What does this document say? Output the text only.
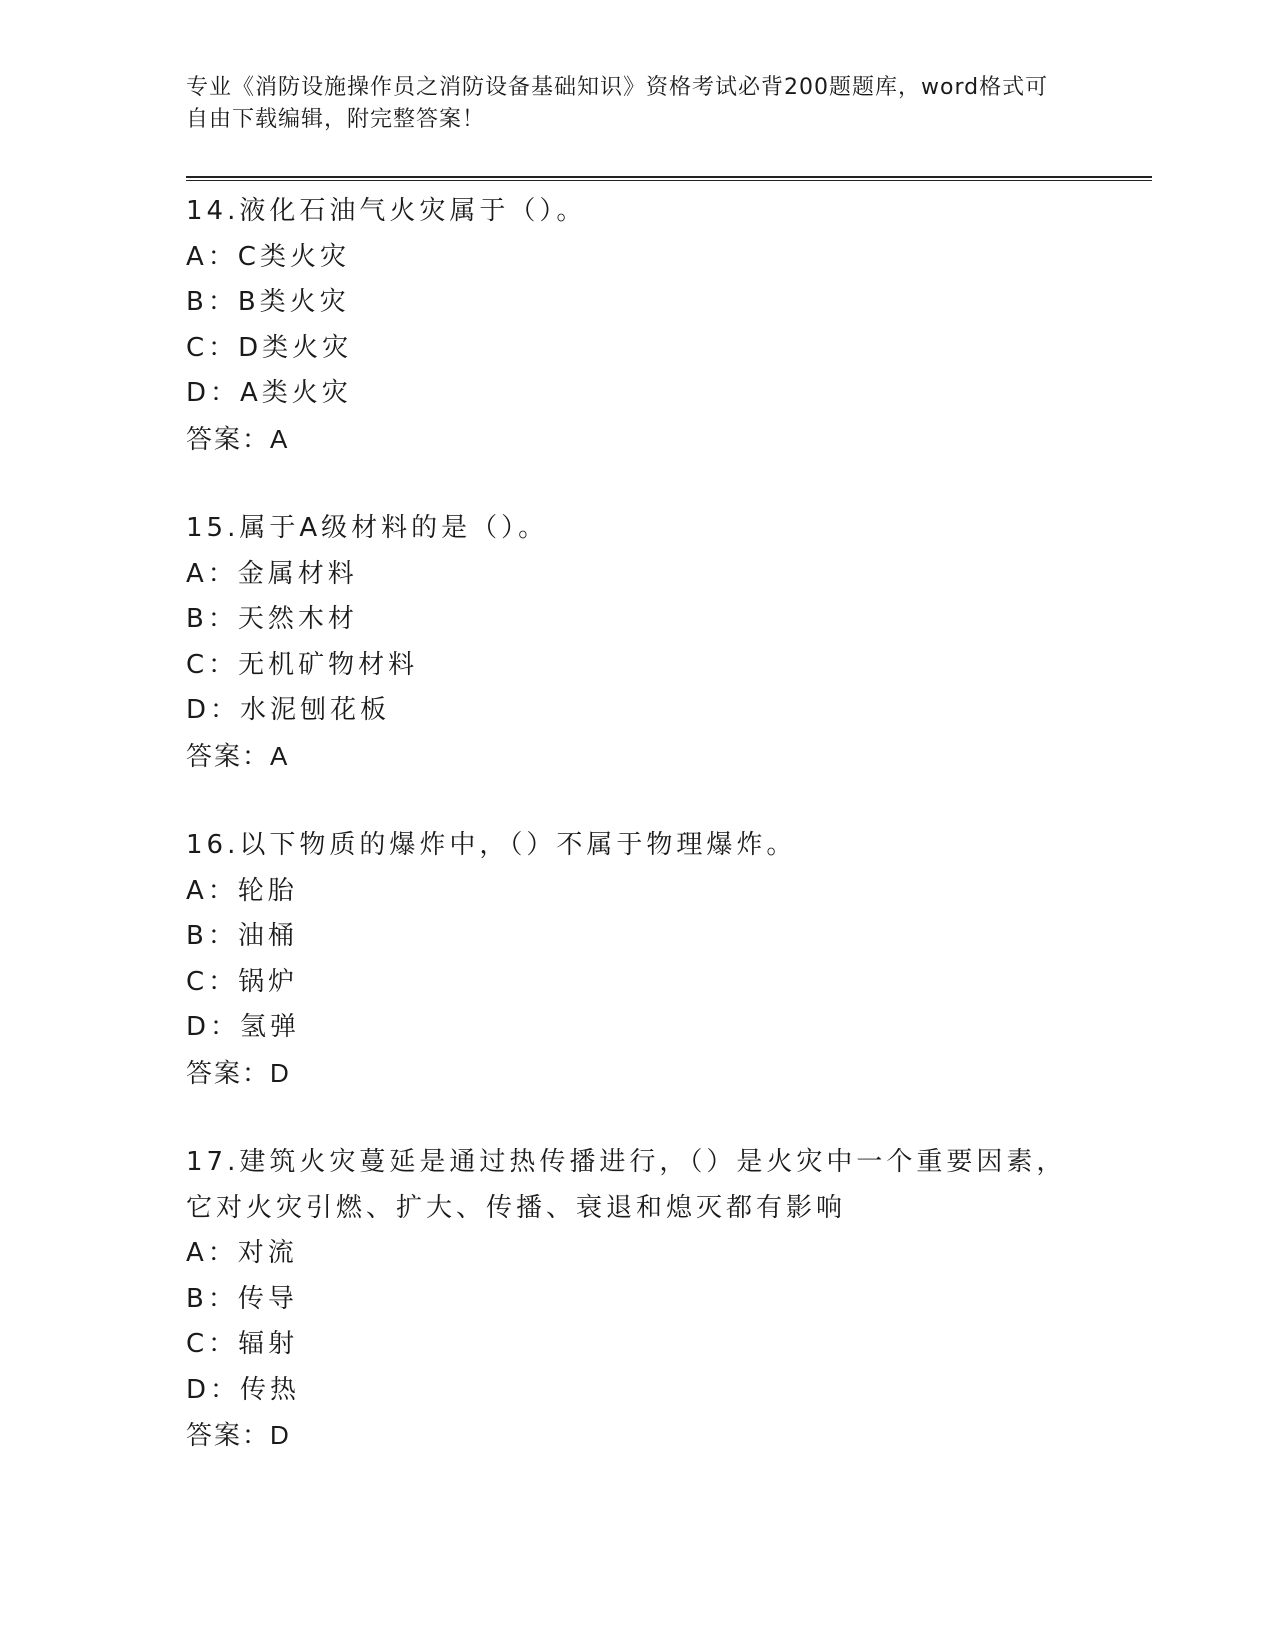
专业《消防设施操作员之消防设备基础知识》资格考试必背200题题库，word格式可自由下载编辑，附完整答案！
14.液化石油气火灾属于（）。
A：C类火灾
B：B类火灾
C：D类火灾
D：A类火灾
答案：A
15.属于A级材料的是（）。
A：金属材料
B：天然木材
C：无机矿物材料
D：水泥刨花板
答案：A
16.以下物质的爆炸中，（）不属于物理爆炸。
A：轮胎
B：油桶
C：锅炉
D：氢弹
答案：D
17.建筑火灾蔓延是通过热传播进行，（）是火灾中一个重要因素，它对火灾引燃、扩大、传播、衰退和熄灭都有影响
A：对流
B：传导
C：辐射
D：传热
答案：D
